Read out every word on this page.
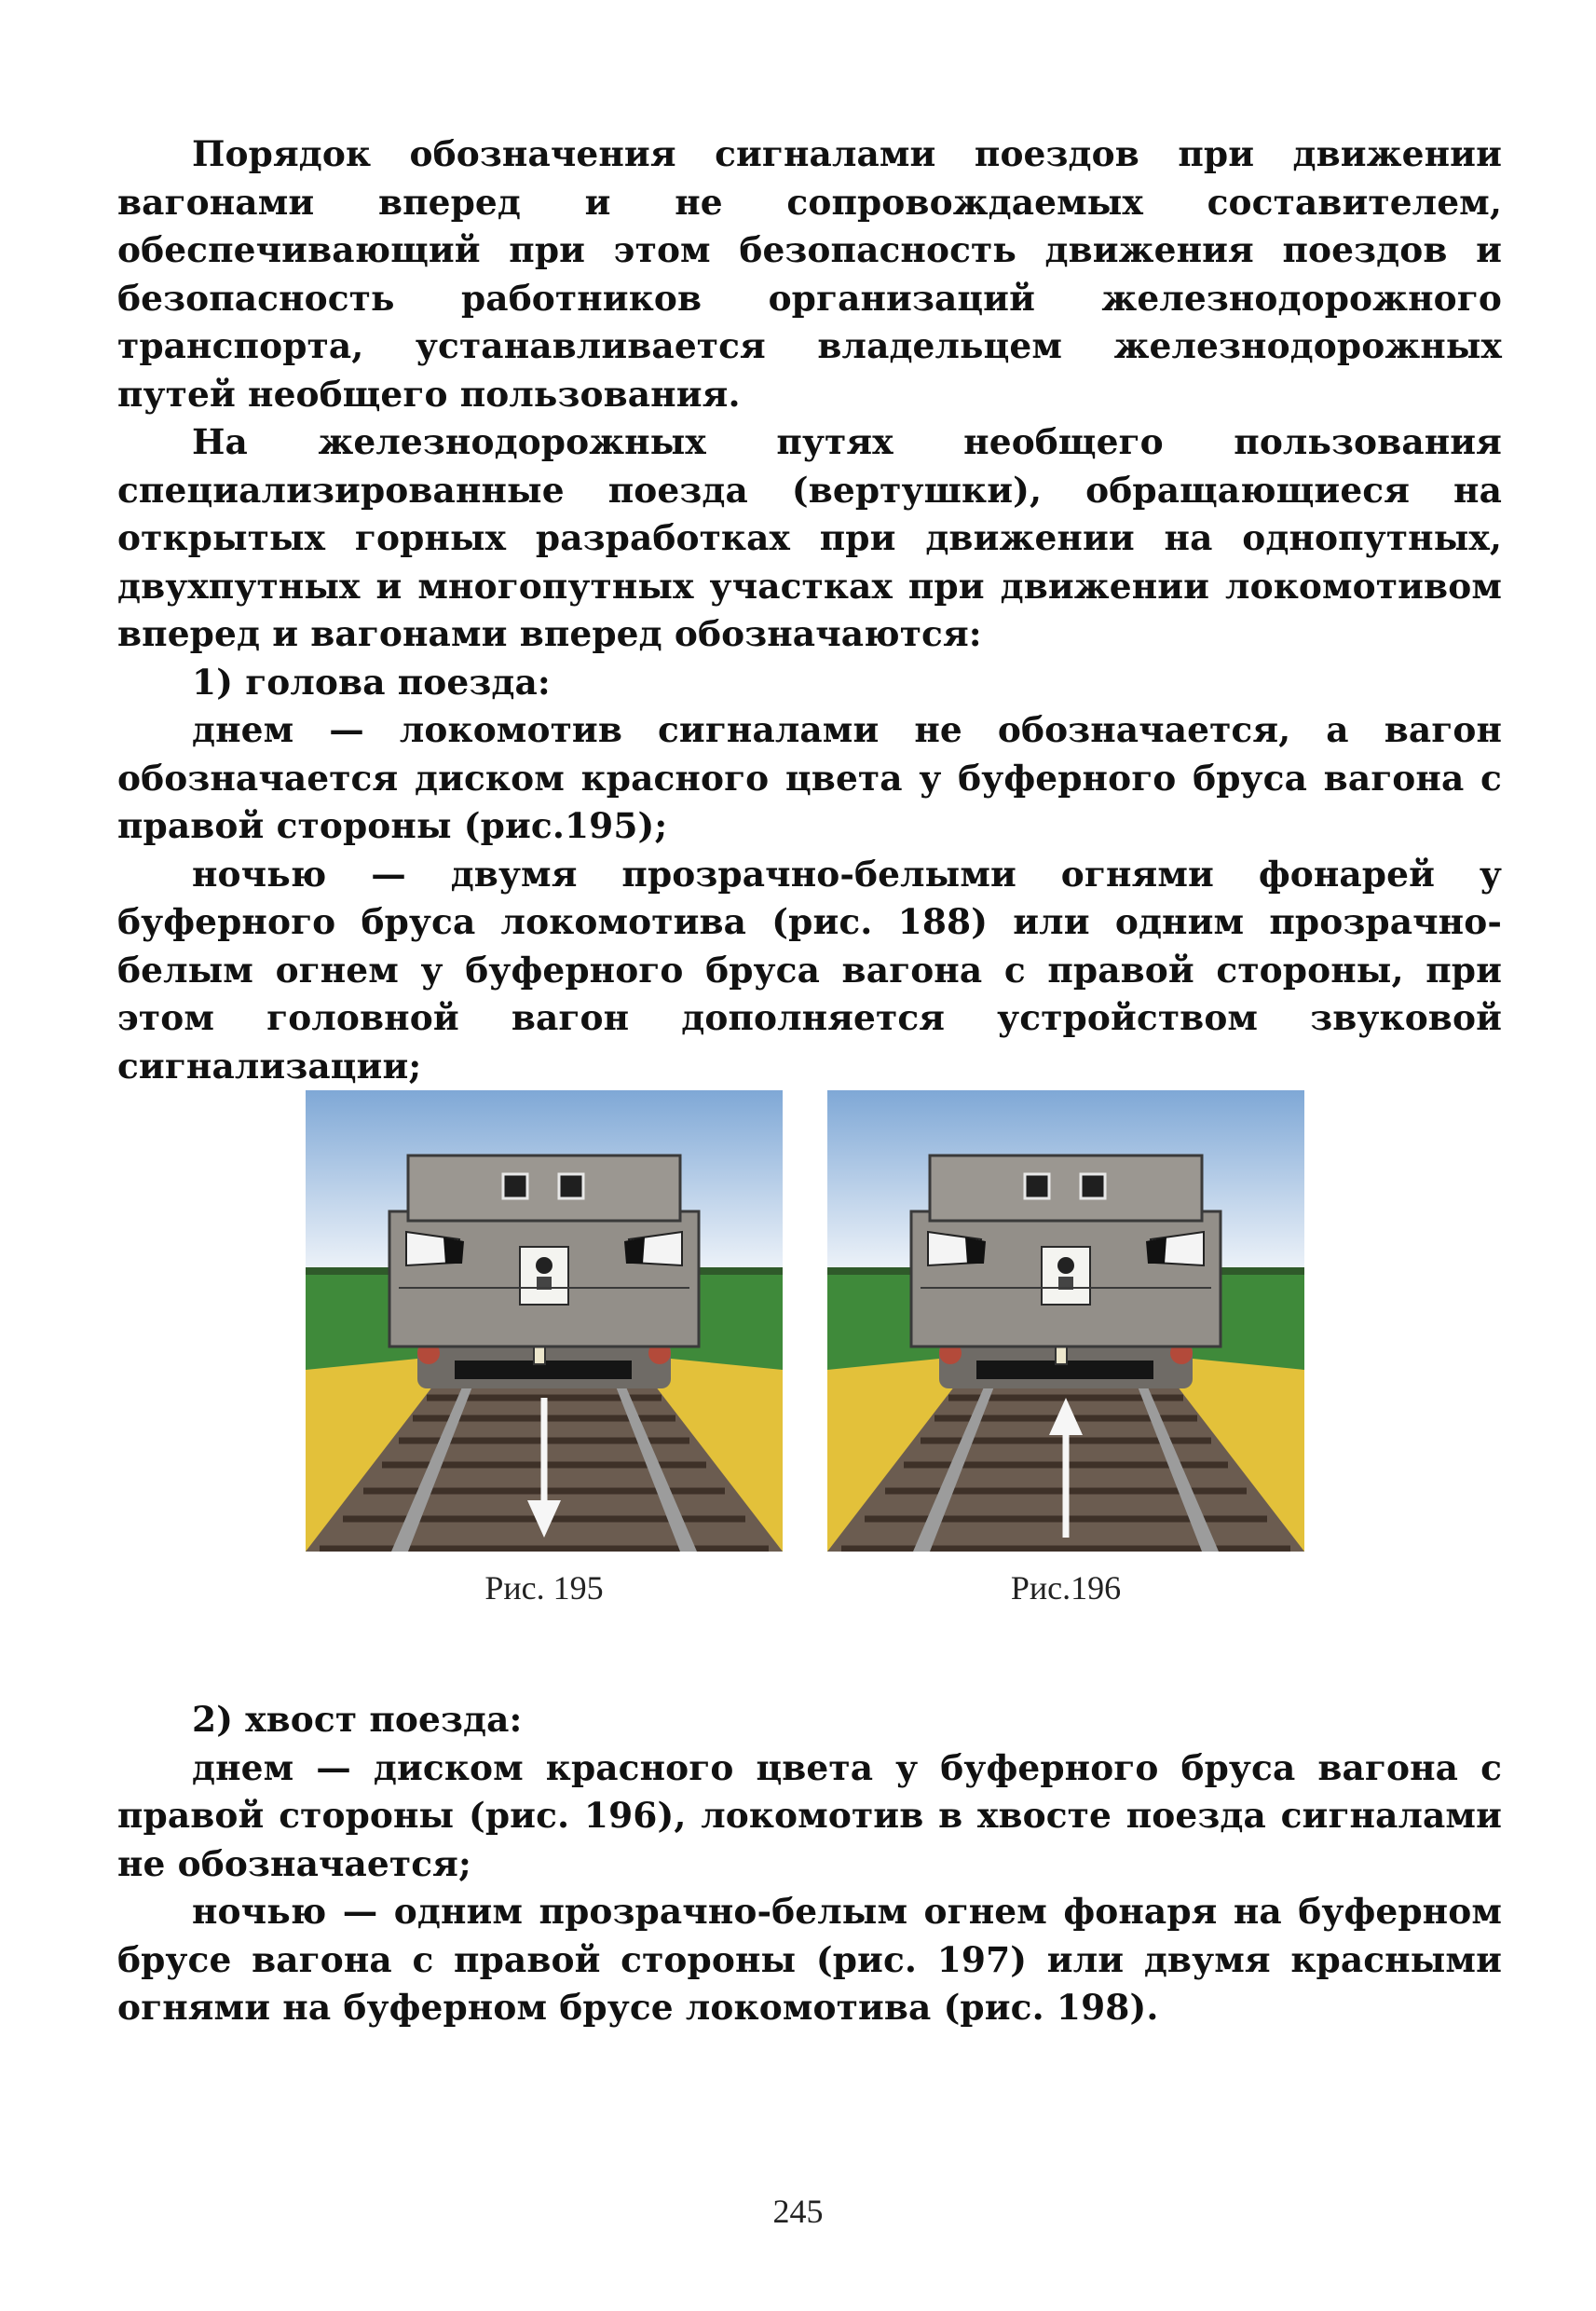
Порядок обозначения сигналами поездов при движении вагонами вперед и не сопровождаемых составителем, обеспечивающий при этом безопасность движения поездов и безопасность работников организаций железнодорожного транспорта, устанавливается владельцем железнодорожных путей необщего пользования.

На железнодорожных путях необщего пользования специализированные поезда (вертушки), обращающиеся на открытых горных разработках при движении на однопутных, двухпутных и многопутных участках при движении локомотивом вперед и вагонами вперед обозначаются:

1) голова поезда:

днем — локомотив сигналами не обозначается, а вагон обозначается диском красного цвета у буферного бруса вагона с правой стороны (рис.195);

ночью — двумя прозрачно-белыми огнями фонарей у буферного бруса локомотива (рис. 188) или одним прозрачно-белым огнем у буферного бруса вагона с правой стороны, при этом головной вагон дополняется устройством звуковой сигнализации;

Рис. 195	Рис.196

2) хвост поезда:

днем — диском красного цвета у буферного бруса вагона с правой стороны (рис. 196), локомотив в хвосте поезда сигналами не обозначается;

ночью — одним прозрачно-белым огнем фонаря на буферном брусе вагона с правой стороны (рис. 197) или двумя красными огнями на буферном брусе локомотива (рис. 198).

245
